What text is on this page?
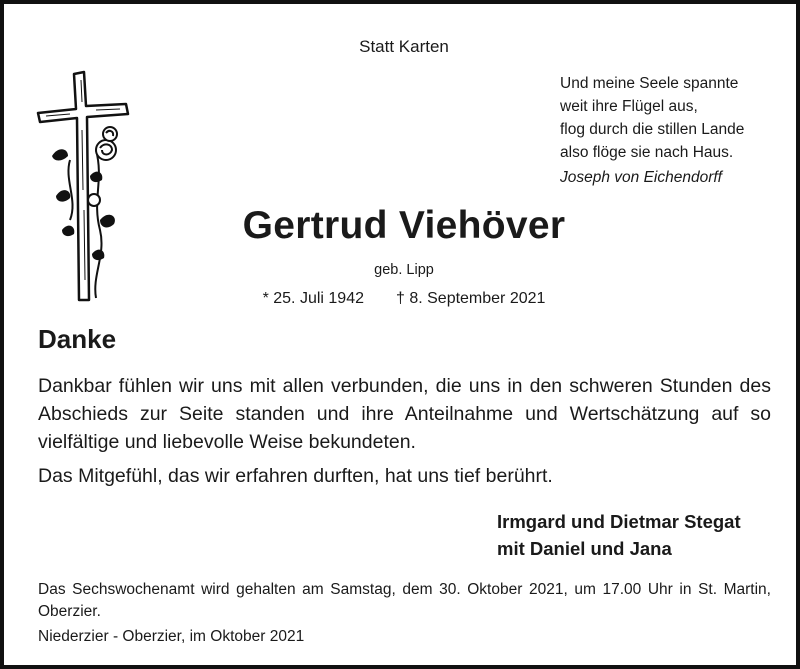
Statt Karten
Und meine Seele spannte
weit ihre Flügel aus,
flog durch die stillen Lande
also flöge sie nach Haus.
Joseph von Eichendorff
Gertrud Viehöver
geb. Lipp
* 25. Juli 1942 † 8. September 2021
Danke
Dankbar fühlen wir uns mit allen verbunden, die uns in den schweren Stunden des Abschieds zur Seite standen und ihre Anteilnahme und Wertschätzung auf so vielfältige und liebevolle Weise bekundeten.
Das Mitgefühl, das wir erfahren durften, hat uns tief berührt.
Irmgard und Dietmar Stegat
mit Daniel und Jana
Das Sechswochenamt wird gehalten am Samstag, dem 30. Oktober 2021, um 17.00 Uhr in St. Martin, Oberzier.
Niederzier - Oberzier, im Oktober 2021
